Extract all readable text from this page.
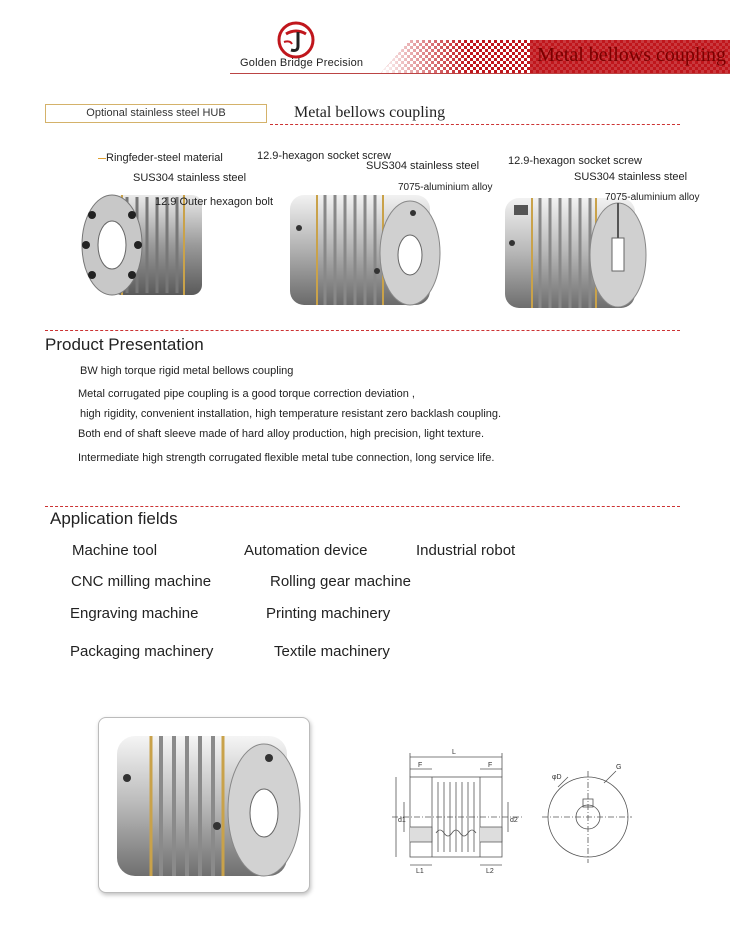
Golden Bridge Precision	Metal bellows coupling
Optional stainless steel HUB	Metal bellows coupling
Ringfeder-steel material
SUS304 stainless steel
12.9 Outer hexagon bolt
12.9-hexagon socket screw
SUS304 stainless steel
7075-aluminium alloy
12.9-hexagon socket screw
SUS304 stainless steel
7075-aluminium alloy
Product Presentation
BW high torque rigid metal bellows coupling
Metal corrugated pipe coupling is a good torque correction deviation ,
high rigidity, convenient installation, high temperature resistant zero backlash coupling.
Both end of shaft sleeve made of hard alloy production, high precision, light texture.
Intermediate high strength corrugated flexible metal tube connection, long service life.
Application fields
Machine tool	Automation device	Industrial robot
CNC milling machine	Rolling gear machine
Engraving machine	Printing machinery
Packaging machinery	Textile machinery
L
F	F
d1	d2
φD
L1	L2
G
